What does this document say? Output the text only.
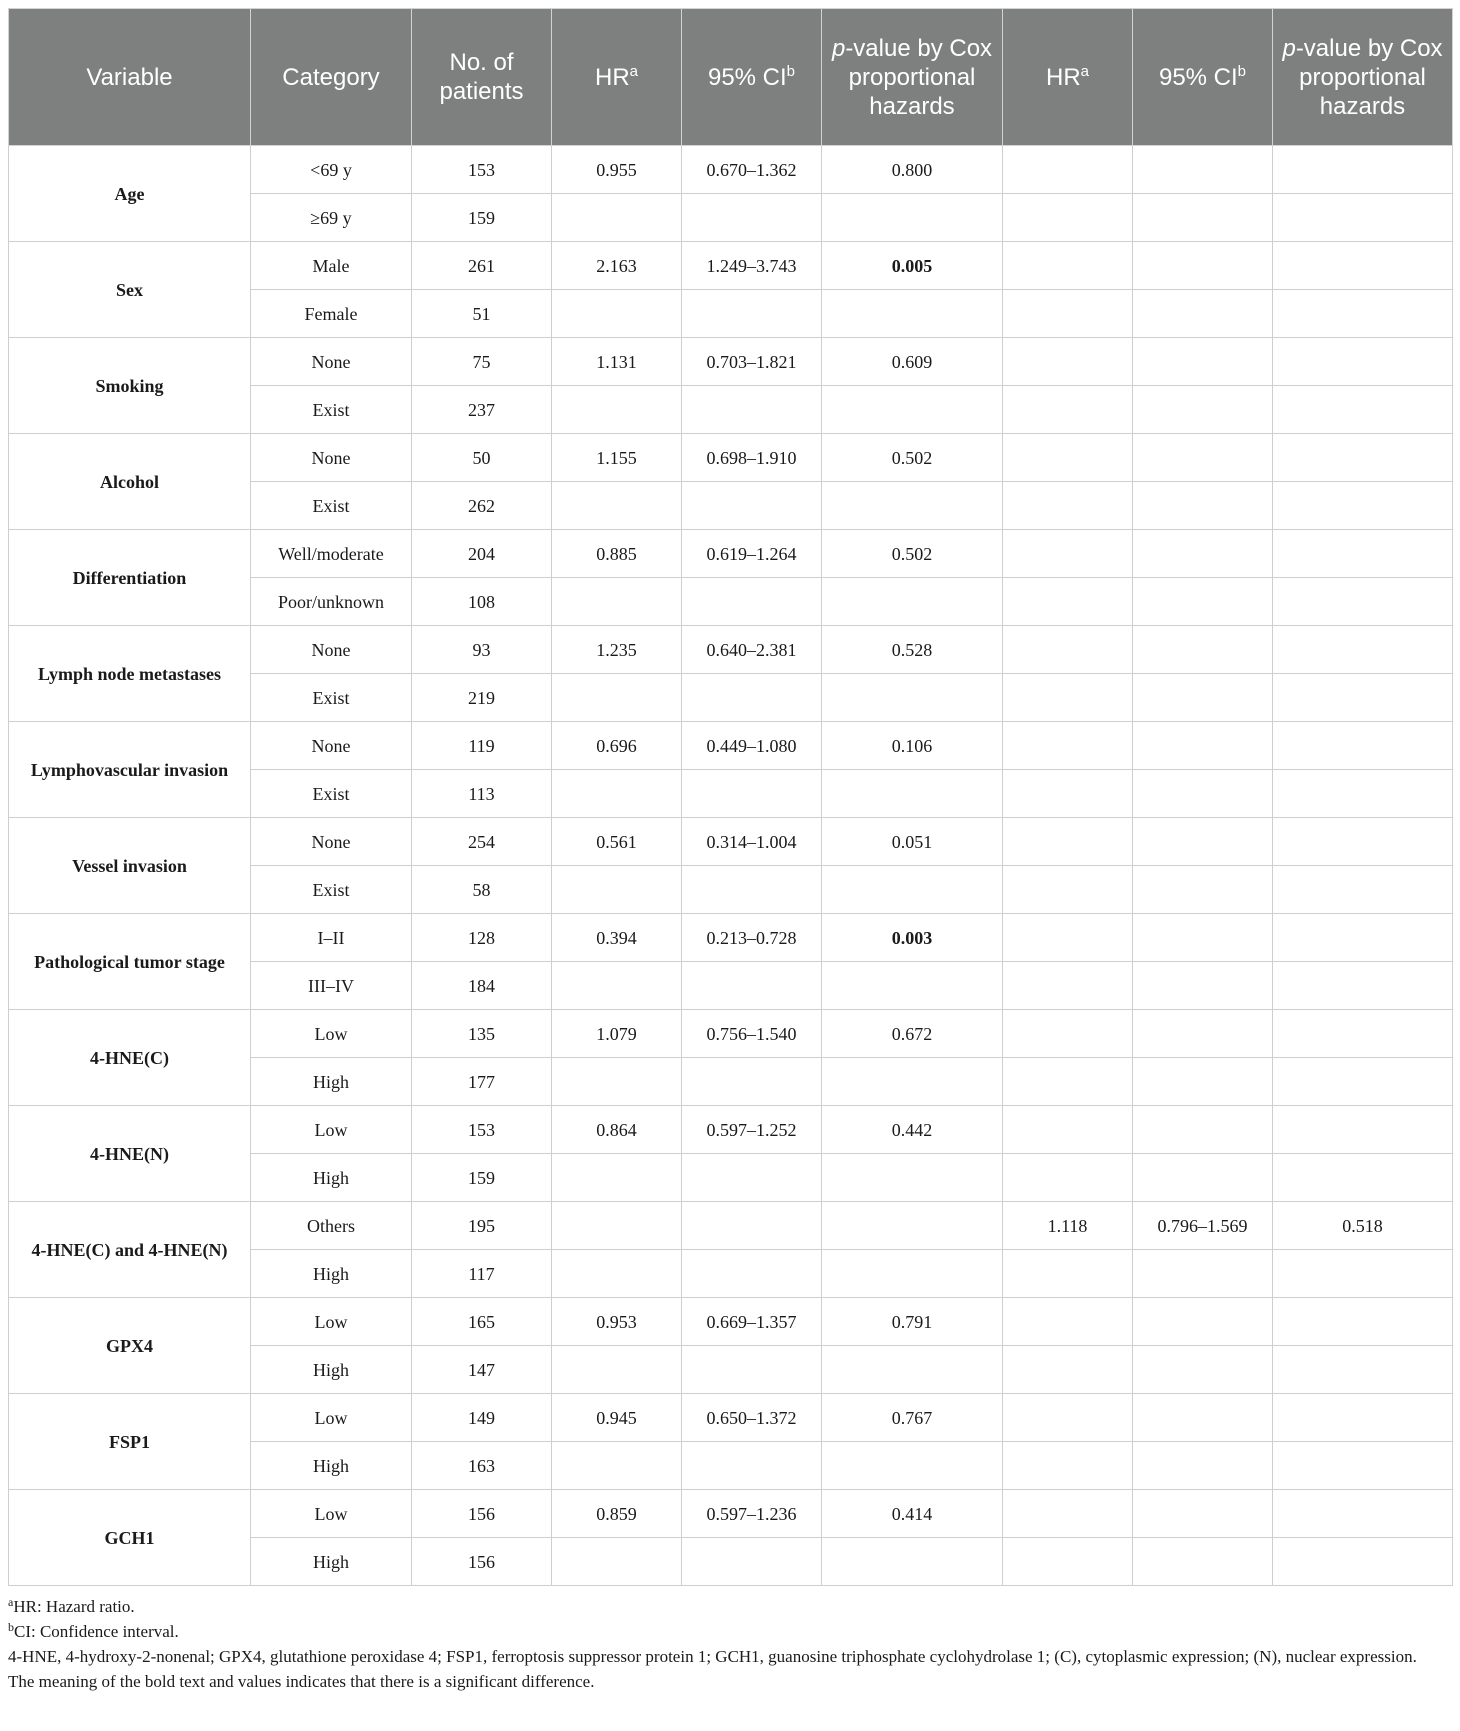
Variable	Category	No. of patients	$HR^a$	95% $CI^b$	p-value by Cox proportional hazards	$HR^a$	95% $CI^b$	p-value by Cox proportional hazards
Age	<69 y	153	0.955	0.670–1.362	0.800			
	≥69 y	159						
Sex	Male	261	2.163	1.249–3.743	0.005			
	Female	51						
Smoking	None	75	1.131	0.703–1.821	0.609			
	Exist	237						
Alcohol	None	50	1.155	0.698–1.910	0.502			
	Exist	262						
Differentiation	Well/moderate	204	0.885	0.619–1.264	0.502			
	Poor/unknown	108						
Lymph node metastases	None	93	1.235	0.640–2.381	0.528			
	Exist	219						
Lymphovascular invasion	None	119	0.696	0.449–1.080	0.106			
	Exist	113						
Vessel invasion	None	254	0.561	0.314–1.004	0.051			
	Exist	58						
Pathological tumor stage	I–II	128	0.394	0.213–0.728	0.003			
	III–IV	184						
4-HNE(C)	Low	135	1.079	0.756–1.540	0.672			
	High	177						
4-HNE(N)	Low	153	0.864	0.597–1.252	0.442			
	High	159						
4-HNE(C) and 4-HNE(N)	Others	195				1.118	0.796–1.569	0.518
	High	117						
GPX4	Low	165	0.953	0.669–1.357	0.791			
	High	147						
FSP1	Low	149	0.945	0.650–1.372	0.767			
	High	163						
GCH1	Low	156	0.859	0.597–1.236	0.414			
	High	156						
$^a$HR: Hazard ratio.
$^b$CI: Confidence interval.
4-HNE, 4-hydroxy-2-nonenal; GPX4, glutathione peroxidase 4; FSP1, ferroptosis suppressor protein 1; GCH1, guanosine triphosphate cyclohydrolase 1; (C), cytoplasmic expression; (N), nuclear expression.
The meaning of the bold text and values indicates that there is a significant difference.
